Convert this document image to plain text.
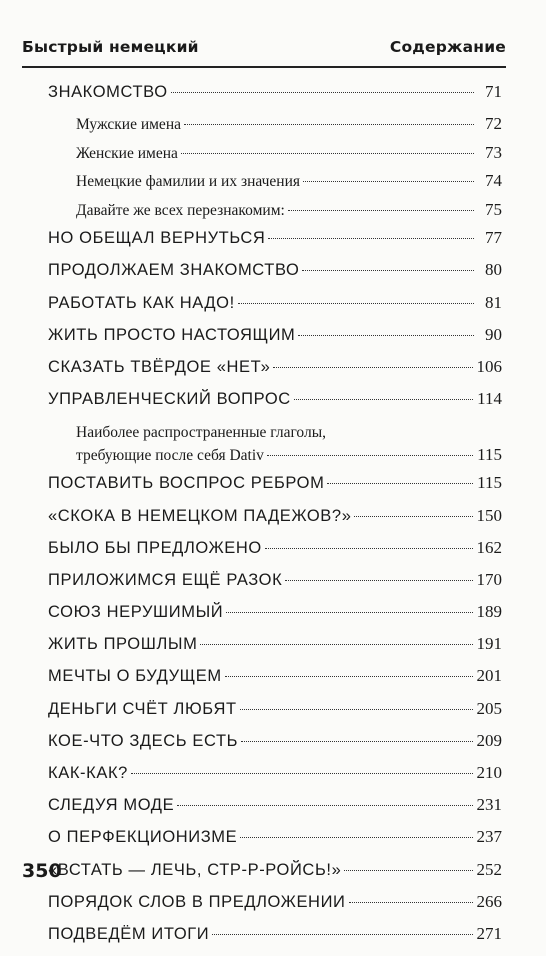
Быстрый немецкий	Содержание
ЗНАКОМСТВО	71
Мужские имена	72
Женские имена	73
Немецкие фамилии и их значения	74
Давайте же всех перезнакомим:	75
НО ОБЕЩАЛ ВЕРНУТЬСЯ	77
ПРОДОЛЖАЕМ ЗНАКОМСТВО	80
РАБОТАТЬ КАК НАДО!	81
ЖИТЬ ПРОСТО НАСТОЯЩИМ	90
СКАЗАТЬ ТВЁРДОЕ «НЕТ»	106
УПРАВЛЕНЧЕСКИЙ ВОПРОС	114
Наиболее распространенные глаголы,
требующие после себя Dativ	115
ПОСТАВИТЬ ВОСПРОС РЕБРОМ	115
«СКОКА В НЕМЕЦКОМ ПАДЕЖОВ?»	150
БЫЛО БЫ ПРЕДЛОЖЕНО	162
ПРИЛОЖИМСЯ ЕЩЁ РАЗОК	170
СОЮЗ НЕРУШИМЫЙ	189
ЖИТЬ ПРОШЛЫМ	191
МЕЧТЫ О БУДУЩЕМ	201
ДЕНЬГИ СЧЁТ ЛЮБЯТ	205
КОЕ-ЧТО ЗДЕСЬ ЕСТЬ	209
КАК-КАК?	210
СЛЕДУЯ МОДЕ	231
О ПЕРФЕКЦИОНИЗМЕ	237
«ВСТАТЬ — ЛЕЧЬ, СТР-Р-РОЙСЬ!»	252
ПОРЯДОК СЛОВ В ПРЕДЛОЖЕНИИ	266
ПОДВЕДЁМ ИТОГИ	271
350
